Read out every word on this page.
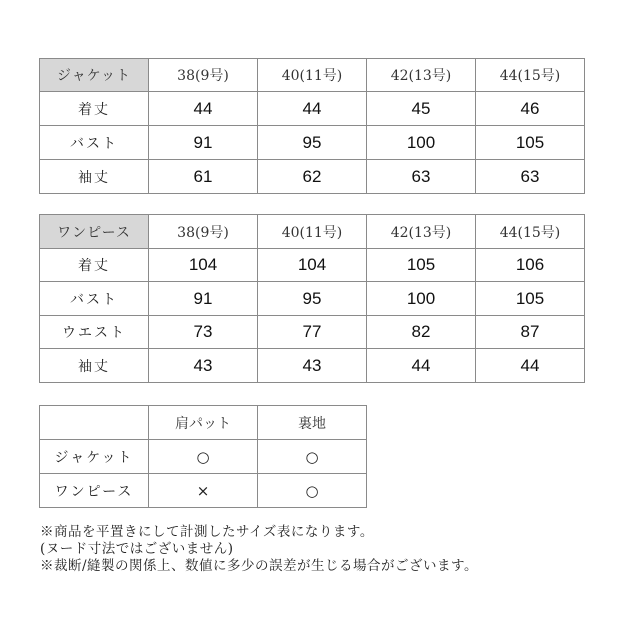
ジャケット	38(9号)	40(11号)	42(13号)	44(15号)
着丈	44	44	45	46
バスト	91	95	100	105
袖丈	61	62	63	63
ワンピース	38(9号)	40(11号)	42(13号)	44(15号)
着丈	104	104	105	106
バスト	91	95	100	105
ウエスト	73	77	82	87
袖丈	43	43	44	44
	肩パット	裏地
ジャケット	○	○
ワンピース	×	○
※商品を平置きにして計測したサイズ表になります。
(ヌード寸法ではございません)
※裁断/縫製の関係上、数値に多少の誤差が生じる場合がございます。
